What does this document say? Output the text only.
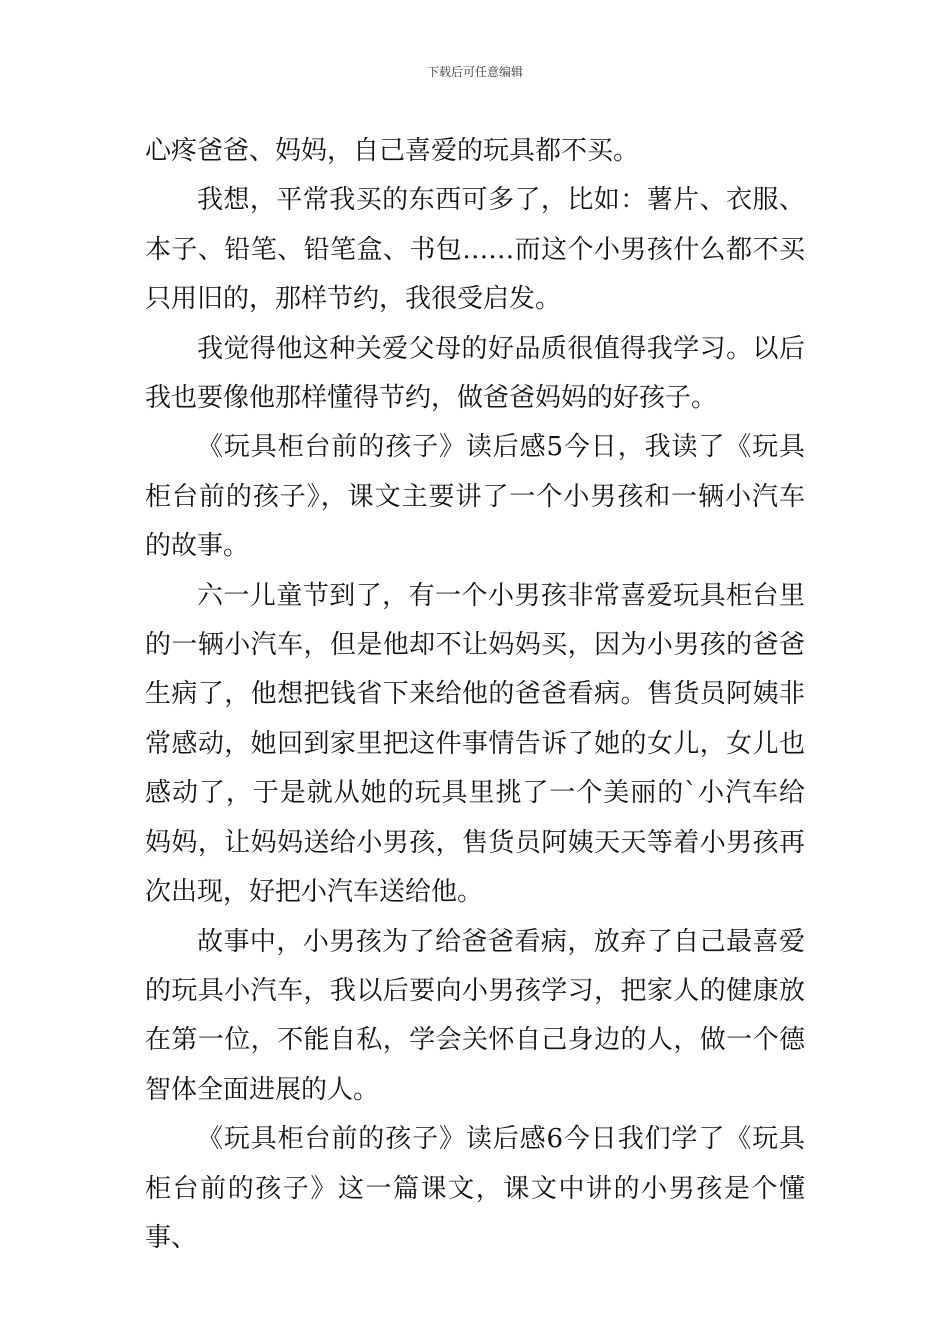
下载后可任意编辑

心疼爸爸、妈妈，自己喜爱的玩具都不买。

我想，平常我买的东西可多了，比如：薯片、衣服、本子、铅笔、铅笔盒、书包……而这个小男孩什么都不买只用旧的，那样节约，我很受启发。

我觉得他这种关爱父母的好品质很值得我学习。以后我也要像他那样懂得节约，做爸爸妈妈的好孩子。

《玩具柜台前的孩子》读后感5今日，我读了《玩具柜台前的孩子》，课文主要讲了一个小男孩和一辆小汽车的故事。

六一儿童节到了，有一个小男孩非常喜爱玩具柜台里的一辆小汽车，但是他却不让妈妈买，因为小男孩的爸爸生病了，他想把钱省下来给他的爸爸看病。售货员阿姨非常感动，她回到家里把这件事情告诉了她的女儿，女儿也感动了，于是就从她的玩具里挑了一个美丽的`小汽车给妈妈，让妈妈送给小男孩，售货员阿姨天天等着小男孩再次出现，好把小汽车送给他。

故事中，小男孩为了给爸爸看病，放弃了自己最喜爱的玩具小汽车，我以后要向小男孩学习，把家人的健康放在第一位，不能自私，学会关怀自己身边的人，做一个德智体全面进展的人。

《玩具柜台前的孩子》读后感6今日我们学了《玩具柜台前的孩子》这一篇课文，课文中讲的小男孩是个懂事、
